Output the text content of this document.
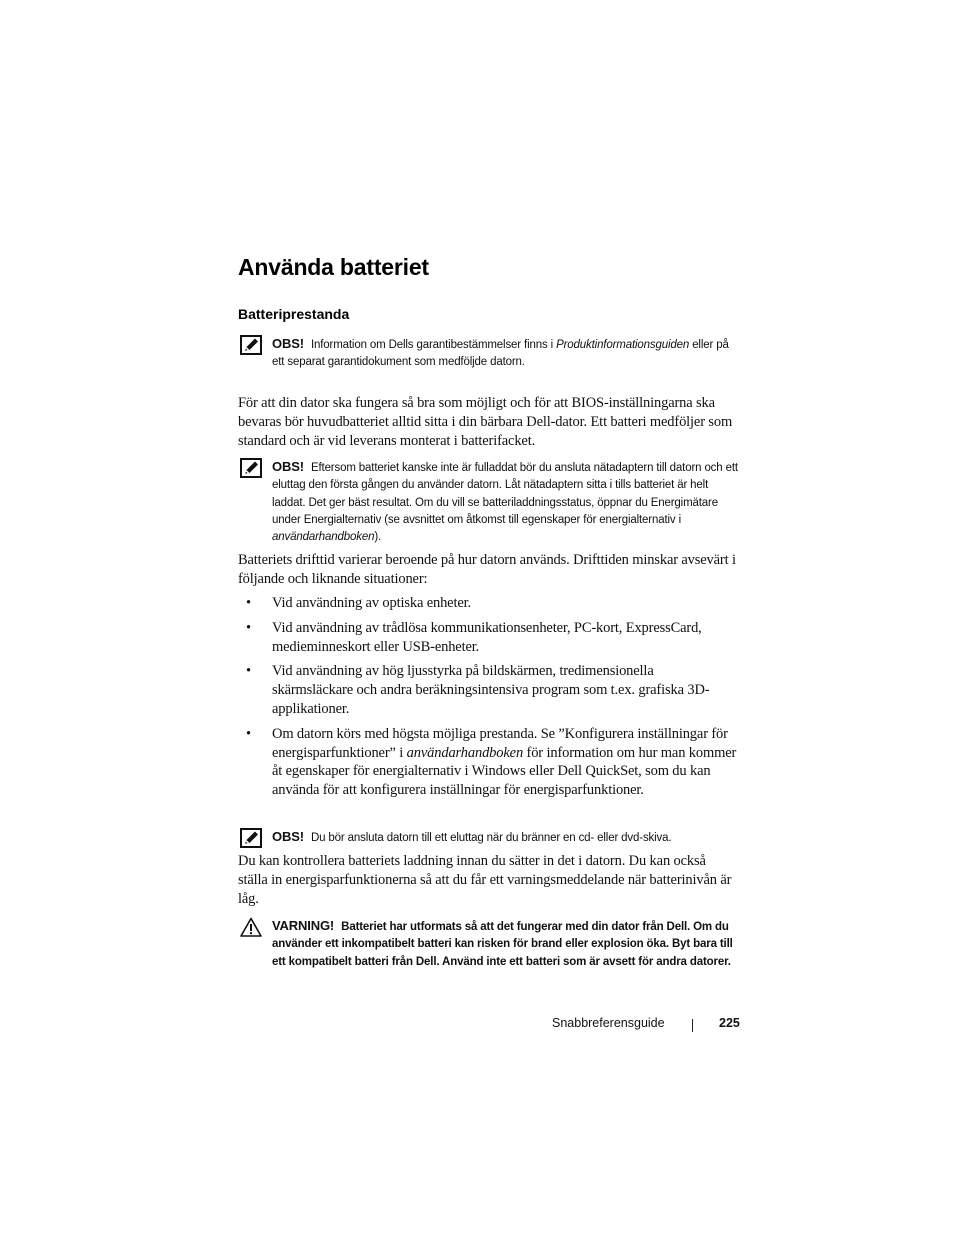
Använda batteriet
Batteriprestanda
OBS! Information om Dells garantibestämmelser finns i Produktinformationsguiden eller på ett separat garantidokument som medföljde datorn.

För att din dator ska fungera så bra som möjligt och för att BIOS-inställningarna ska bevaras bör huvudbatteriet alltid sitta i din bärbara Dell-dator. Ett batteri medföljer som standard och är vid leverans monterat i batterifacket.

OBS! Eftersom batteriet kanske inte är fulladdat bör du ansluta nätadaptern till datorn och ett eluttag den första gången du använder datorn. Låt nätadaptern sitta i tills batteriet är helt laddat. Det ger bäst resultat. Om du vill se batteriladdningsstatus, öppnar du Energimätare under Energialternativ (se avsnittet om åtkomst till egenskaper för energialternativ i användarhandboken).

Batteriets drifttid varierar beroende på hur datorn används. Drifttiden minskar avsevärt i följande och liknande situationer:

• Vid användning av optiska enheter.
• Vid användning av trådlösa kommunikationsenheter, PC-kort, ExpressCard, medieminneskort eller USB-enheter.
• Vid användning av hög ljusstyrka på bildskärmen, tredimensionella skärmsläckare och andra beräkningsintensiva program som t.ex. grafiska 3D-applikationer.
• Om datorn körs med högsta möjliga prestanda. Se ”Konfigurera inställningar för energisparfunktioner” i användarhandboken för information om hur man kommer åt egenskaper för energialternativ i Windows eller Dell QuickSet, som du kan använda för att konfigurera inställningar för energisparfunktioner.
OBS! Du bör ansluta datorn till ett eluttag när du bränner en cd- eller dvd-skiva.

Du kan kontrollera batteriets laddning innan du sätter in det i datorn. Du kan också ställa in energisparfunktionerna så att du får ett varningsmeddelande när batterinivån är låg.

VARNING! Batteriet har utformats så att det fungerar med din dator från Dell. Om du använder ett inkompatibelt batteri kan risken för brand eller explosion öka. Byt bara till ett kompatibelt batteri från Dell. Använd inte ett batteri som är avsett för andra datorer.
Snabbreferensguide	225
